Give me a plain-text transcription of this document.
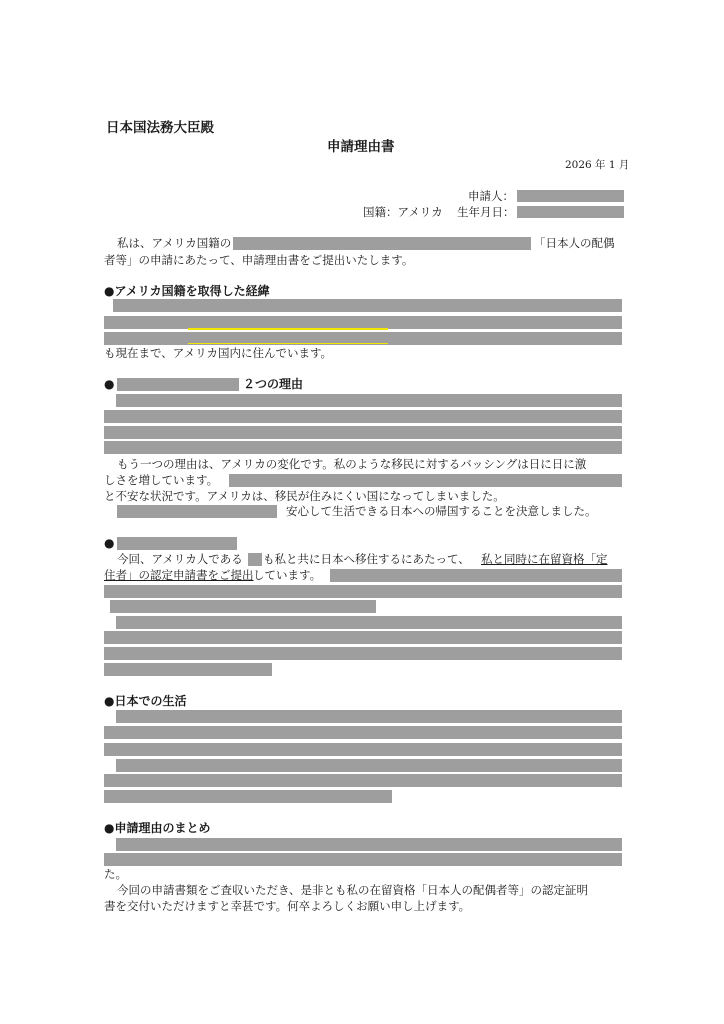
日本国法務大臣殿
申請理由書
2026 年 1 月
申請人：
国籍：アメリカ 生年月日：
私は、アメリカ国籍の	「日本人の配偶
者等」の申請にあたって、申請理由書をご提出いたします。
●アメリカ国籍を取得した経緯
も現在まで、アメリカ国内に住んでいます。
●	２つの理由
もう一つの理由は、アメリカの変化です。私のような移民に対するバッシングは日に日に激
しさを増しています。
と不安な状況です。アメリカは、移民が住みにくい国になってしまいました。
安心して生活できる日本への帰国することを決意しました。
●
今回、アメリカ人である も私と共に日本へ移住するにあたって、 私と同時に在留資格「定
住者」の認定申請書をご提出 しています。
●日本での生活
●申請理由のまとめ
た。
今回の申請書類をご査収いただき、是非とも私の在留資格「日本人の配偶者等」の認定証明
書を交付いただけますと幸甚です。何卒よろしくお願い申し上げます。
